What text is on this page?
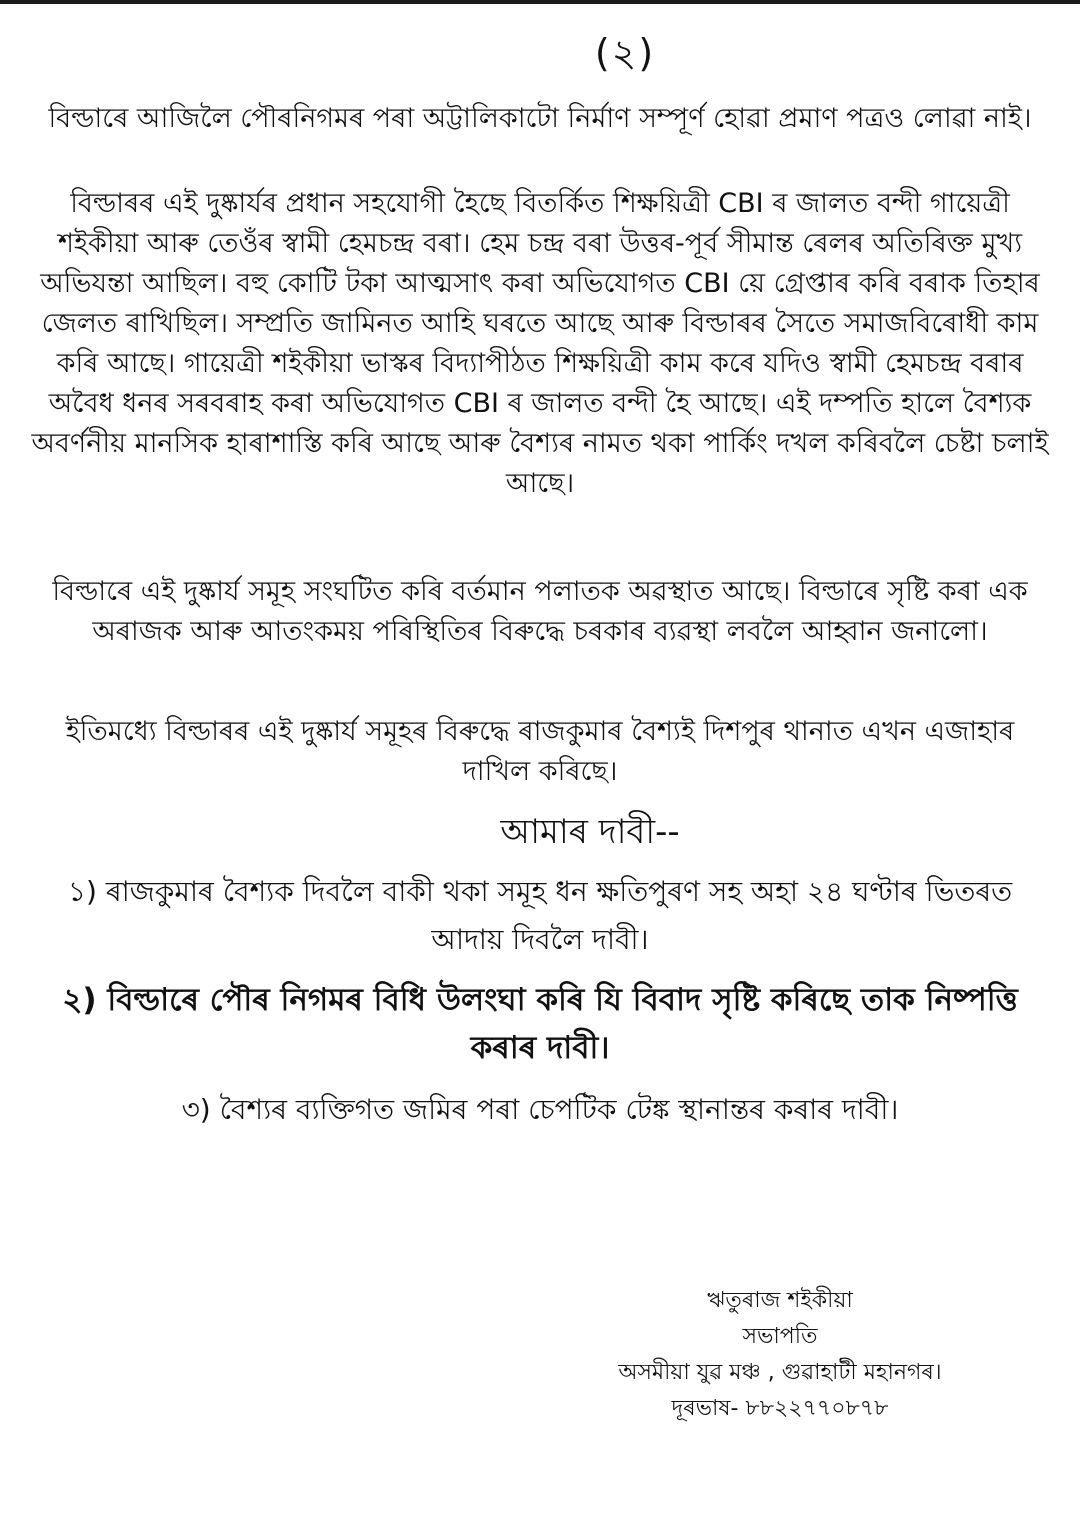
(২)
বিল্ডাৰে আজিলৈ পৌৰনিগমৰ পৰা অট্টালিকাটো নিৰ্মাণ সম্পূৰ্ণ হোৱা প্ৰমাণ পত্ৰও লোৱা নাই।
বিল্ডাৰৰ এই দুষ্কাৰ্যৰ প্ৰধান সহযোগী হৈছে বিতৰ্কিত শিক্ষয়িত্ৰী CBI ৰ জালত বন্দী গায়েত্ৰী শইকীয়া আৰু তেওঁৰ স্বামী হেমচন্দ্ৰ বৰা। হেম চন্দ্ৰ বৰা উত্তৰ-পূৰ্ব সীমান্ত ৰেলৰ অতিৰিক্ত মুখ্য অভিযন্তা আছিল। বহু কোটি টকা আত্মসাৎ কৰা অভিযোগত CBI য়ে গ্ৰেপ্তাৰ কৰি বৰাক তিহাৰ জেলত ৰাখিছিল। সম্প্ৰতি জামিনত আহি ঘৰতে আছে আৰু বিল্ডাৰৰ সৈতে সমাজবিৰোধী কাম কৰি আছে। গায়েত্ৰী শইকীয়া ভাস্কৰ বিদ্যাপীঠত শিক্ষয়িত্ৰী কাম কৰে যদিও স্বামী হেমচন্দ্ৰ বৰাৰ অবৈধ ধনৰ সৰবৰাহ কৰা অভিযোগত CBI ৰ জালত বন্দী হৈ আছে। এই দম্পতি হালে বৈশ্যক অবৰ্ণনীয় মানসিক হাৰাশাস্তি কৰি আছে আৰু বৈশ্যৰ নামত থকা পাৰ্কিং দখল কৰিবলৈ চেষ্টা চলাই আছে।
বিল্ডাৰে এই দুষ্কাৰ্য সমূহ সংঘটিত কৰি বৰ্তমান পলাতক অৱস্থাত আছে। বিল্ডাৰে সৃষ্টি কৰা এক অৰাজক আৰু আতংকময় পৰিস্থিতিৰ বিৰুদ্ধে চৰকাৰ ব্যৱস্থা লবলৈ আহ্বান জনালো।
ইতিমধ্যে বিল্ডাৰৰ এই দুষ্কাৰ্য সমূহৰ বিৰুদ্ধে ৰাজকুমাৰ বৈশ্যই দিশপুৰ থানাত এখন এজাহাৰ দাখিল কৰিছে।
আমাৰ দাবী--
১) ৰাজকুমাৰ বৈশ্যক দিবলৈ বাকী থকা সমূহ ধন ক্ষতিপুৰণ সহ অহা ২৪ ঘণ্টাৰ ভিতৰত আদায় দিবলৈ দাবী।
২) বিল্ডাৰে পৌৰ নিগমৰ বিধি উলংঘা কৰি যি বিবাদ সৃষ্টি কৰিছে তাক নিষ্পত্তি কৰাৰ দাবী।
৩) বৈশ্যৰ ব্যক্তিগত জমিৰ পৰা চেপটিক টেঙ্ক স্থানান্তৰ কৰাৰ দাবী।
ঋতুৰাজ শইকীয়া
সভাপতি
অসমীয়া যুৱ মঞ্চ , গুৱাহাটী মহানগৰ।
দূৰভাষ- ৮৮২২৭৭০৮৭৮
